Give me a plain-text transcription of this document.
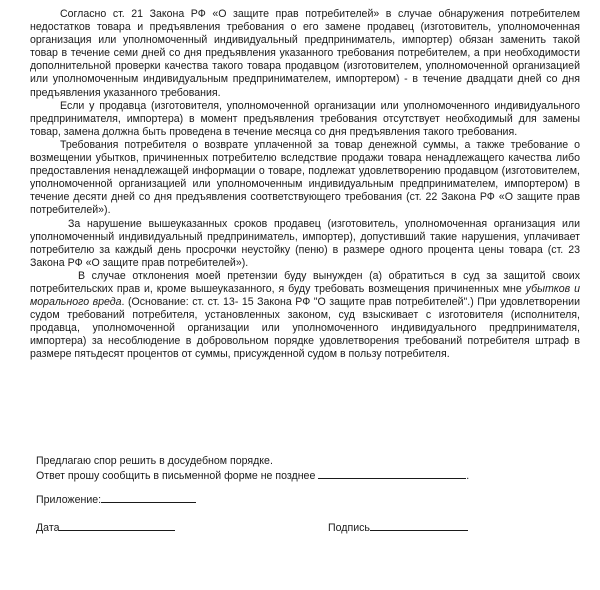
Согласно ст. 21 Закона РФ «О защите прав потребителей» в случае обнаружения потребителем недостатков товара и предъявления требования о его замене продавец (изготовитель, уполномоченная организация или уполномоченный индивидуальный предприниматель, импортер) обязан заменить такой товар в течение семи дней со дня предъявления указанного требования потребителем, а при необходимости дополнительной проверки качества такого товара продавцом (изготовителем, уполномоченной организацией или уполномоченным индивидуальным предпринимателем, импортером) - в течение двадцати дней со дня предъявления указанного требования.

Если у продавца (изготовителя, уполномоченной организации или уполномоченного индивидуального предпринимателя, импортера) в момент предъявления требования отсутствует необходимый для замены товар, замена должна быть проведена в течение месяца со дня предъявления такого требования.

Требования потребителя о возврате уплаченной за товар денежной суммы, а также требование о возмещении убытков, причиненных потребителю вследствие продажи товара ненадлежащего качества либо предоставления ненадлежащей информации о товаре, подлежат удовлетворению продавцом (изготовителем, уполномоченной организацией или уполномоченным индивидуальным предпринимателем, импортером) в течение десяти дней со дня предъявления соответствующего требования (ст. 22 Закона РФ «О защите прав потребителей»).

За нарушение вышеуказанных сроков продавец (изготовитель, уполномоченная организация или уполномоченный индивидуальный предприниматель, импортер), допустивший такие нарушения, уплачивает потребителю за каждый день просрочки неустойку (пеню) в размере одного процента цены товара (ст. 23 Закона РФ «О защите прав потребителей»).

В случае отклонения моей претензии буду вынужден (а) обратиться в суд за защитой своих потребительских прав и, кроме вышеуказанного, я буду требовать возмещения причиненных мне убытков и морального вреда. (Основание: ст. ст. 13- 15 Закона РФ "О защите прав потребителей".) При удовлетворении судом требований потребителя, установленных законом, суд взыскивает с изготовителя (исполнителя, продавца, уполномоченной организации или уполномоченного индивидуального предпринимателя, импортера) за несоблюдение в добровольном порядке удовлетворения требований потребителя штраф в размере пятьдесят процентов от суммы, присужденной судом в пользу потребителя.

Предлагаю спор решить в досудебном порядке.
Ответ прошу сообщить в письменной форме не позднее	.
Приложение:
Дата	Подпись
